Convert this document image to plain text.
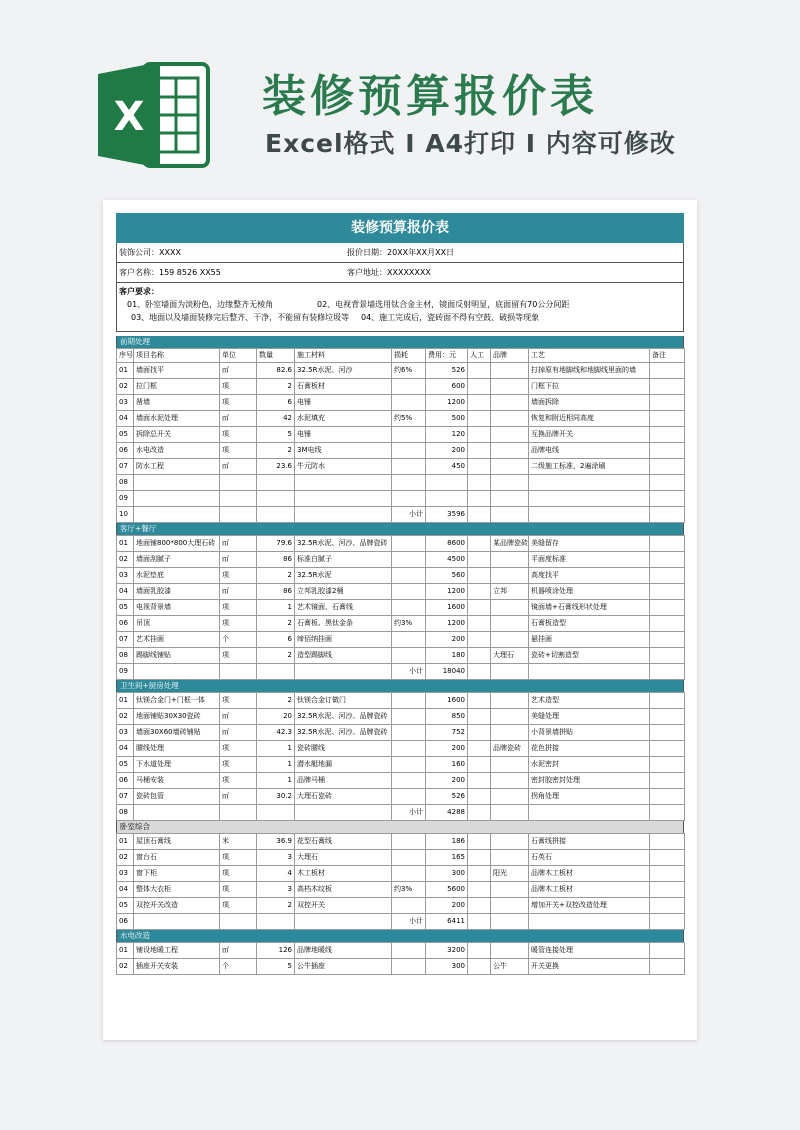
X	装修预算报价表
Excel格式 I A4打印 I 内容可修改
装修预算报价表
装饰公司：XXXX	报价日期：20XX年XX月XX日
客户名称：159 8526 XX55	客户地址：XXXXXXXX
客户要求：
01、卧室墙面为淡粉色，边缘整齐无棱角	02、电视背景墙选用钛合金主材，镜面反射明显，底面留有70公分间距
03、地面以及墙面装修完后整齐、干净，不能留有装修垃圾等 04、施工完成后，瓷砖面不得有空鼓、破损等现象
前期处理
序号	项目名称	单位	数量	施工材料	损耗	费用：元	人工	品牌	工艺	备注
01	墙面找平	㎡	82.6	32.5R水泥、河沙	约6%	526			打掉原有地脚线和地脚线里面的墙	
02	拉门框	项	2	石膏板材		600			门框下拉	
03	凿墙	项	6	电锤		1200			墙面拆除	
04	墙面水泥处理	㎡	42	水泥填充	约5%	500			恢复和附近相同高度	
05	拆除总开关	项	5	电锤		120			互换品牌开关	
06	水电改造	项	2	3M电线		200			品牌电线	
07	防水工程	㎡	23.6	牛元防水		450			二级施工标准，2遍涂刷	
08										
09										
10					小计	3596				
客厅+餐厅
01	地面铺800*800大理石砖	㎡	79.6	32.5R水泥、河沙、品牌瓷砖		8600		某品牌瓷砖	美缝留存	
02	墙面刮腻子	㎡	86	标准白腻子		4500			平面度标准	
03	水泥垫底	项	2	32.5R水泥		560			高度找平	
04	墙面乳胶漆	㎡	86	立邦乳胶漆2桶		1200		立邦	机器喷涂处理	
05	电视背景墙	项	1	艺术镜面、石膏线		1600			镜面墙+石膏线形状处理	
06	吊顶	项	2	石膏板、黑钛金条	约3%	1200			石膏板造型	
07	艺术挂画	个	6	缔佰纳挂画		200			悬挂画	
08	踢脚线铺贴	项	2	造型踢脚线		180		大理石	瓷砖+切割造型	
09					小计	18040				
卫生间+厨房处理
01	钛镁合金门+门框一体	项	2	钛镁合金订做门		1600			艺术造型	
02	地面铺贴30X30瓷砖	㎡	20	32.5R水泥、河沙、品牌瓷砖		850			美缝处理	
03	墙面30X60墙砖铺贴	㎡	42.3	32.5R水泥、河沙、品牌瓷砖		752			小背景墙拼贴	
04	腰线处理	项	1	瓷砖腰线		200		品牌瓷砖	花色拼接	
05	下水道处理	项	1	潜水艇地漏		160			水泥密封	
06	马桶安装	项	1	品牌马桶		200			密封胶密封处理	
07	瓷砖包管	㎡	30.2	大理石瓷砖		526			拐角处理	
08					小计	4288				
卧室综合
01	屋顶石膏线	米	36.9	花型石膏线		186			石膏线拼接	
02	窗台石	项	3	大理石		165			石英石	
03	窗下柜	项	4	木工板材		300		阳光	品牌木工板材	
04	整体大衣柜	项	3	高档木纹板	约3%	5600			品牌木工板材	
05	双控开关改造	项	2	双控开关		200			增加开关+双控改造处理	
06					小计	6411				
水电改造
01	铺设地暖工程	㎡	126	品牌地暖线		3200			暖管连接处理	
02	插座开关安装	个	5	公牛插座		300		公牛	开关更换	
